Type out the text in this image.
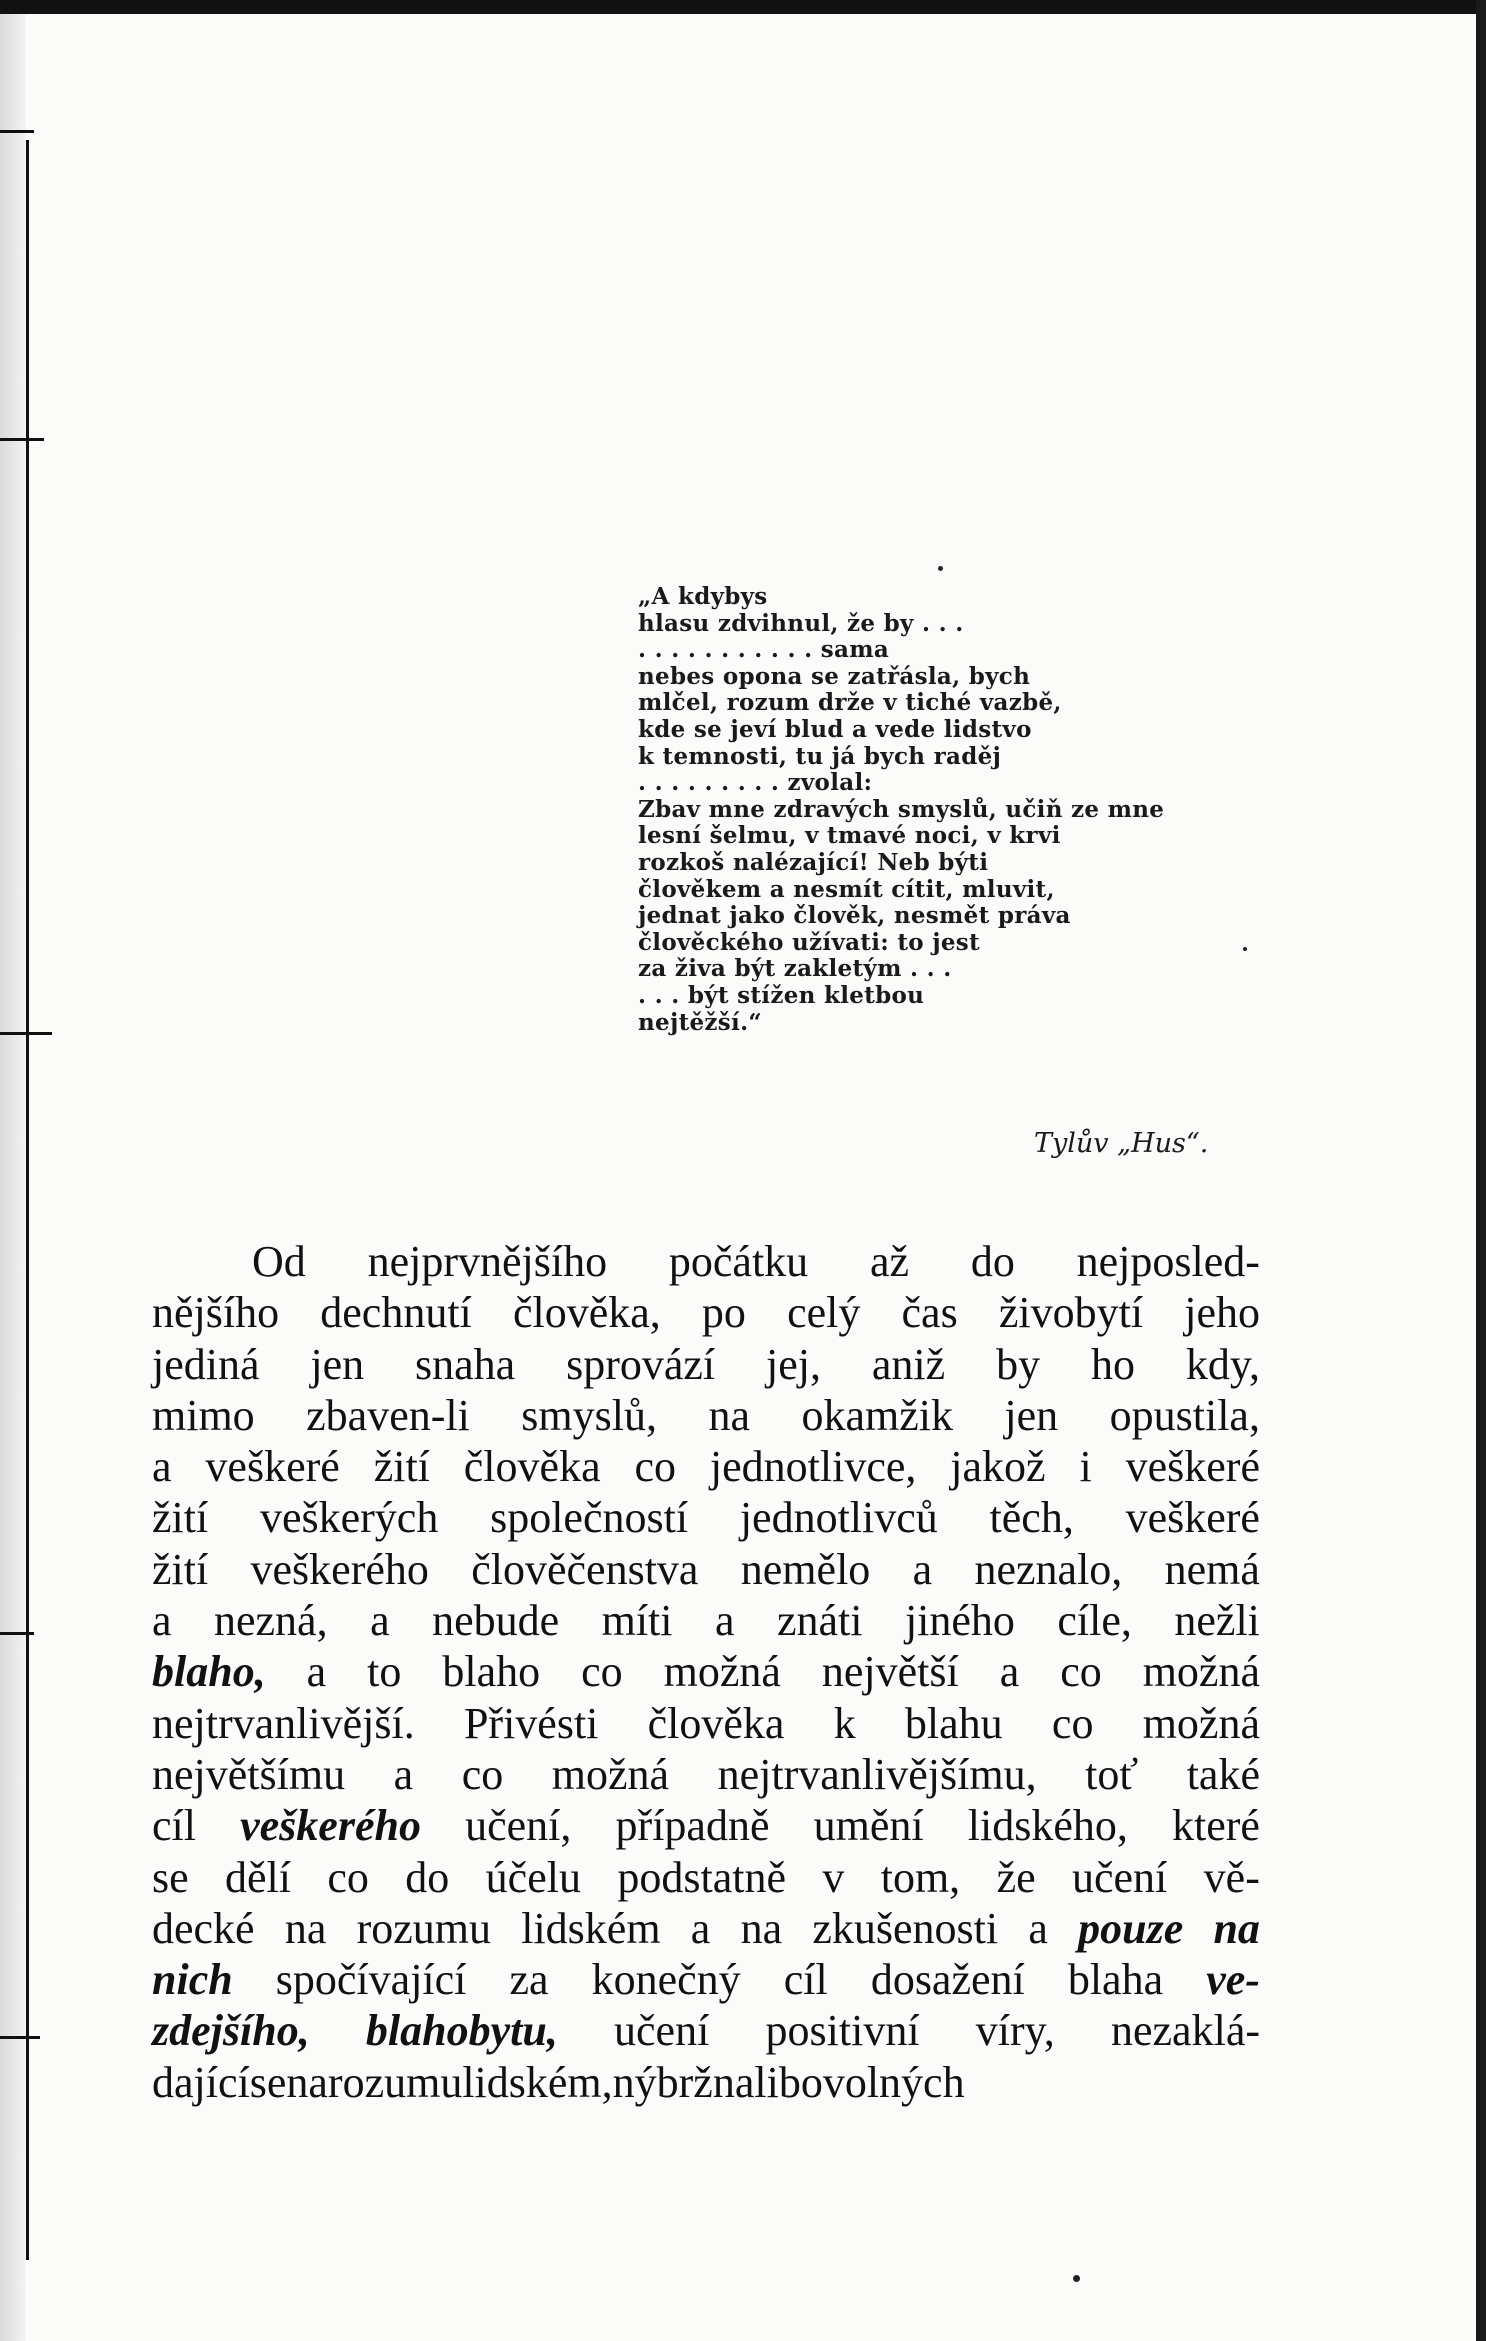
„A kdybys
hlasu zdvihnul, že by . . .
. . . . . . . . . . . sama
nebes opona se zatřásla, bych
mlčel, rozum drže v tiché vazbě,
kde se jeví blud a vede lidstvo
k temnosti, tu já bych raděj
. . . . . . . . . zvolal:
Zbav mne zdravých smyslů, učiň ze mne
lesní šelmu, v tmavé noci, v krvi
rozkoš nalézající! Neb býti
člověkem a nesmít cítit, mluvit,
jednat jako člověk, nesmět práva
člověckého užívati: to jest
za živa být zakletým . . .
. . . být stížen kletbou
nejtěžší.“
Tylův „Hus“.
Od nejprvnějšího počátku až do nejposled-
nějšího dechnutí člověka, po celý čas živobytí jeho
jediná jen snaha sprovází jej, aniž by ho kdy,
mimo zbaven-li smyslů, na okamžik jen opustila,
a veškeré žití člověka co jednotlivce, jakož i veškeré
žití veškerých společností jednotlivců těch, veškeré
žití veškerého člověčenstva nemělo a neznalo, nemá
a nezná, a nebude míti a znáti jiného cíle, nežli
blaho, a to blaho co možná největší a co možná
nejtrvanlivější. Přivésti člověka k blahu co možná
největšímu a co možná nejtrvanlivějšímu, toť také
cíl veškerého učení, případně umění lidského, které
se dělí co do účelu podstatně v tom, že učení vě-
decké na rozumu lidském a na zkušenosti a pouze na
nich spočívající za konečný cíl dosažení blaha ve-
zdejšího, blahobytu, učení positivní víry, nezaklá-
dající se na rozumu lidském, nýbrž na libovolných
